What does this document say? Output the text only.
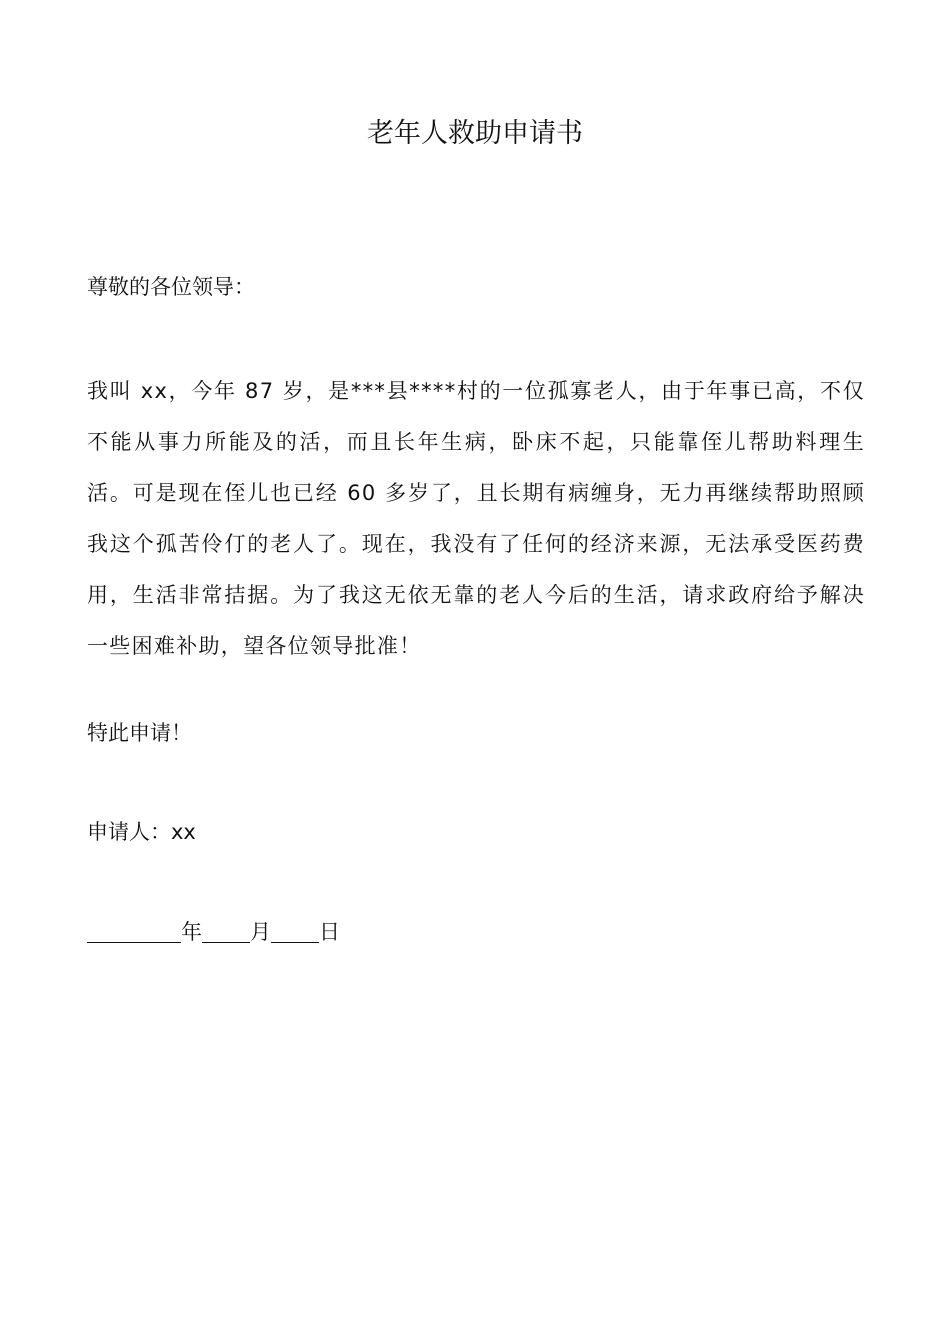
老年人救助申请书
尊敬的各位领导：
我叫 xx，今年 87 岁，是***县****村的一位孤寡老人，由于年事已高，不仅不能从事力所能及的活，而且长年生病，卧床不起，只能靠侄儿帮助料理生活。可是现在侄儿也已经 60 多岁了，且长期有病缠身，无力再继续帮助照顾我这个孤苦伶仃的老人了。现在，我没有了任何的经济来源，无法承受医药费用，生活非常拮据。为了我这无依无靠的老人今后的生活，请求政府给予解决一些困难补助，望各位领导批准！
特此申请！
申请人：xx
年 月 日
